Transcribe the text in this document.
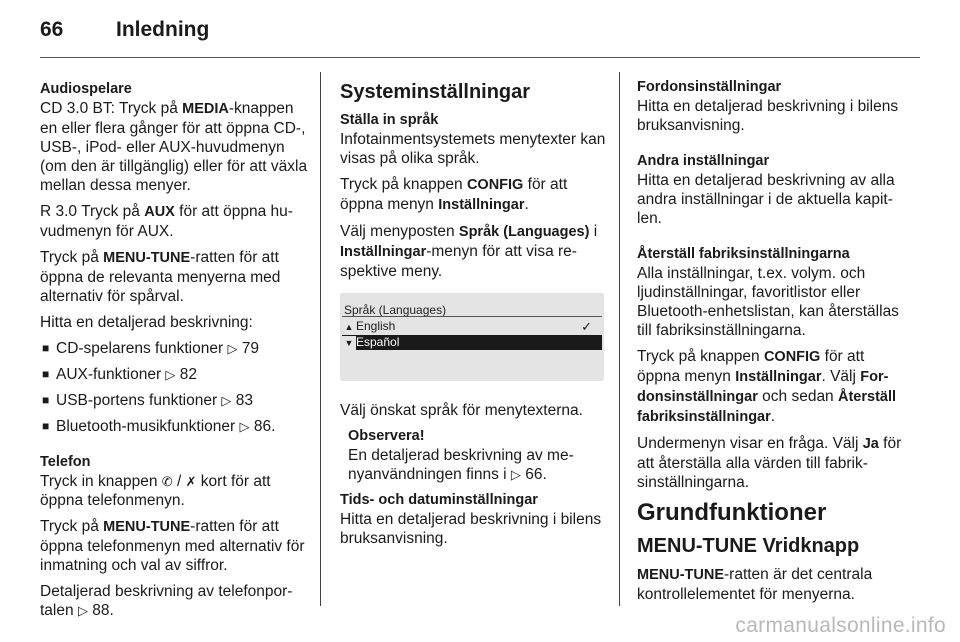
66	Inledning

Audiospelare

CD 3.0 BT: Tryck på MEDIA-knappen en eller flera gånger för att öppna CD-, USB-, iPod- eller AUX-huvudmenyn (om den är tillgänglig) eller för att växla mellan dessa menyer.

R 3.0 Tryck på AUX för att öppna huvudmenyn för AUX.

Tryck på MENU-TUNE-ratten för att öppna de relevanta menyerna med alternativ för spårval.

Hitta en detaljerad beskrivning:

■ CD-spelarens funktioner ▷ 79

■ AUX-funktioner ▷ 82

■ USB-portens funktioner ▷ 83

■ Bluetooth-musikfunktioner ▷ 86.

Telefon

Tryck in knappen ✆ / ✗ kort för att öppna telefonmenyn.

Tryck på MENU-TUNE-ratten för att öppna telefonmenyn med alternativ för inmatning och val av siffror.

Detaljerad beskrivning av telefonportalen ▷ 88.

Systeminställningar

Ställa in språk

Infotainmentsystemets menytexter kan visas på olika språk.

Tryck på knappen CONFIG för att öppna menyn Inställningar.

Välj menyposten Språk (Languages) i Inställningar-menyn för att visa respektive meny.

Språk (Languages)
▲ English	✓
▼ Español

Välj önskat språk för menytexterna.

Observera!

En detaljerad beskrivning av menyanvändningen finns i ▷ 66.

Tids- och datuminställningar

Hitta en detaljerad beskrivning i bilens bruksanvisning.

Fordonsinställningar

Hitta en detaljerad beskrivning i bilens bruksanvisning.

Andra inställningar

Hitta en detaljerad beskrivning av alla andra inställningar i de aktuella kapitlen.

Återställ fabriksinställningarna

Alla inställningar, t.ex. volym. och ljudinställningar, favoritlistor eller Bluetooth-enhetslistan, kan återställas till fabriksinställningarna.

Tryck på knappen CONFIG för att öppna menyn Inställningar. Välj Fordonsinställningar och sedan Återställ fabriksinställningar.

Undermenyn visar en fråga. Välj Ja för att återställa alla värden till fabriksinställningarna.

Grundfunktioner

MENU-TUNE Vridknapp

MENU-TUNE-ratten är det centrala kontrollelementet för menyerna.

carmanualsonline.info
